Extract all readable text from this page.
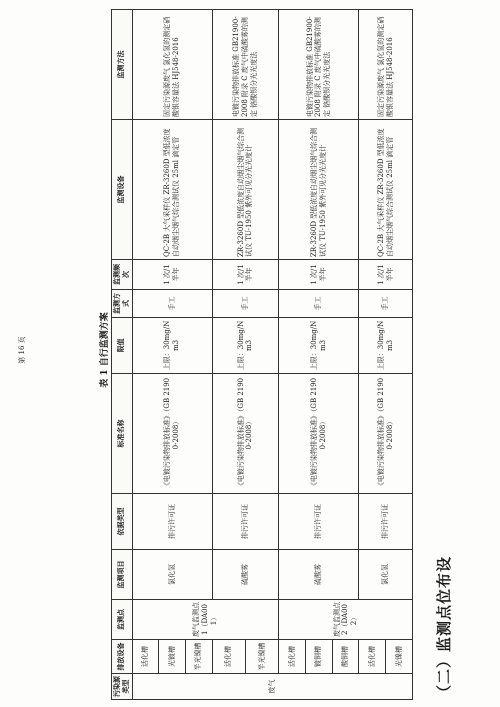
（二）监测点位布设
表 1 自行监测方案
污染源类型	排放设备	监测点	监测项目	依据类型	标准名称	限值	监测方式	监测频次	监测设备	监测方法
废气	活化槽	废气监测点 1（DA001）	氯化氢	排污许可证	《电镀污染物排放标准》（GB 21900-2008）	上限：30mg/Nm3	手工	1 次/1 半年	QC-2B 大气采样仪 ZR-3260D 型低浓度自动烟尘烟气综合测试仪 25ml 滴定管	固定污染源废气 氯化氢的测定硝酸银容量法 HJ548-2016
	光镀槽									
	半光镍槽									
	活化槽		硫酸雾	排污许可证	《电镀污染物排放标准》（GB 21900-2008）	上限：30mg/Nm3	手工	1 次/1 半年	ZR-3260D 型低浓度自动烟尘烟气综合测试仪 TU-1950 紫外可见分光光度计	电镀污染物排放标准 GB21900-2008 附录 C 废气中硫酸雾的测定 铬酸钡分光光度法
	半光镍槽									
	活化槽	废气监测点 2（DA002）	硫酸雾	排污许可证	《电镀污染物排放标准》（GB 21900-2008）	上限：30mg/Nm3	手工	1 次/1 半年	ZR-3260D 型低浓度自动烟尘烟气综合测试仪 TU-1950 紫外可见分光光度计	电镀污染物排放标准 GB21900-2008 附录 C 废气中硫酸雾的测定 铬酸钡分光光度法
	镀铜槽									
	酸铜槽									
	活化槽		氯化氢	排污许可证	《电镀污染物排放标准》（GB 21900-2008）	上限：30mg/Nm3	手工	1 次/1 半年	QC-2B 大气采样仪 ZR-3260D 型低浓度自动烟尘烟气综合测试仪 25ml 滴定管	固定污染源废气 氯化氢的测定硝酸银容量法 HJ548-2016
	光镍槽									
第 16 页
